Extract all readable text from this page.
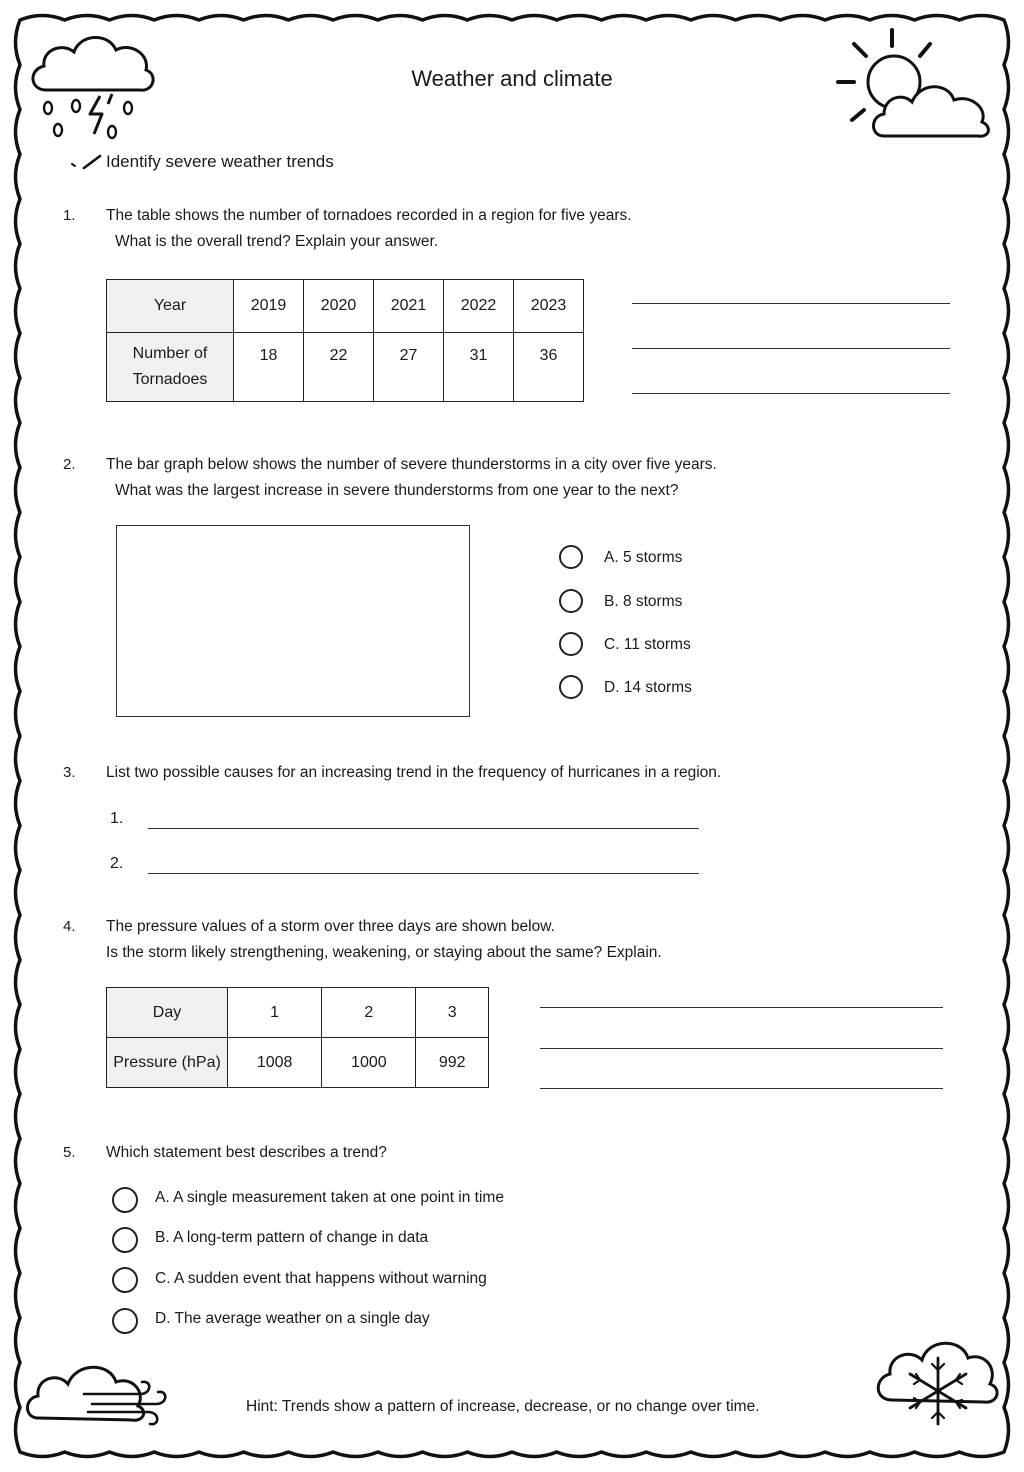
Weather and climate
Identify severe weather trends
1. The table shows the number of tornadoes recorded in a region for five years.
What is the overall trend? Explain your answer.
Year	2019	2020	2021	2022	2023

Number of
Tornadoes	18	22	27	31	36
2. The bar graph below shows the number of severe thunderstorms in a city over five years.
What was the largest increase in severe thunderstorms from one year to the next?
A. 5 storms
B. 8 storms
C. 11 storms
D. 14 storms
3. List two possible causes for an increasing trend in the frequency of hurricanes in a region.
1.
2.
4. The pressure values of a storm over three days are shown below.
Is the storm likely strengthening, weakening, or staying about the same? Explain.
Day	1	2	3
Pressure (hPa)	1008	1000	992
5. Which statement best describes a trend?
A. A single measurement taken at one point in time
B. A long-term pattern of change in data
C. A sudden event that happens without warning
D. The average weather on a single day
Hint: Trends show a pattern of increase, decrease, or no change over time.
